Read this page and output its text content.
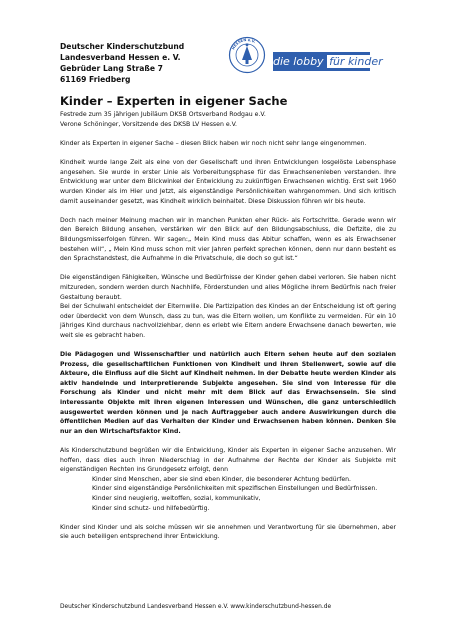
Deutscher Kinderschutzbund
Landesverband Hessen e. V.
Gebrüder Lang Straße 7
61169 Friedberg
HESSEN e.V.
die lobby für kinder
Kinder – Experten in eigener Sache
Festrede zum 35 jährigen Jubiläum DKSB Ortsverband Rodgau e.V.
Verone Schöninger, Vorsitzende des DKSB LV Hessen e.V.

Kinder als Experten in eigener Sache – diesen Blick haben wir noch nicht sehr lange eingenommen.

Kindheit wurde lange Zeit als eine von der Gesellschaft und ihren Entwicklungen losgelöste Lebensphase angesehen. Sie wurde in erster Linie als Vorbereitungsphase für das Erwachsenenleben verstanden. Ihre Entwicklung war unter dem Blickwinkel der Entwicklung zu zukünftigen Erwachsenen wichtig. Erst seit 1960 wurden Kinder als im Hier und Jetzt, als eigenständige Persönlichkeiten wahrgenommen. Und sich kritisch damit auseinander gesetzt, was Kindheit wirklich beinhaltet. Diese Diskussion führen wir bis heute.

Doch nach meiner Meinung machen wir in manchen Punkten eher Rück- als Fortschritte. Gerade wenn wir den Bereich Bildung ansehen, verstärken wir den Blick auf den Bildungsabschluss, die Defizite, die zu Bildungsmisserfolgen führen. Wir sagen:„ Mein Kind muss das Abitur schaffen, wenn es als Erwachsener bestehen will“, „ Mein Kind muss schon mit vier Jahren perfekt sprechen können, denn nur dann besteht es den Sprachstandstest, die Aufnahme in die Privatschule, die doch so gut ist.“

Die eigenständigen Fähigkeiten, Wünsche und Bedürfnisse der Kinder gehen dabei verloren. Sie haben nicht mitzureden, sondern werden durch Nachhilfe, Förderstunden und alles Mögliche ihrem Bedürfnis nach freier Gestaltung beraubt.

Bei der Schulwahl entscheidet der Elternwille. Die Partizipation des Kindes an der Entscheidung ist oft gering oder überdeckt von dem Wunsch, dass zu tun, was die Eltern wollen, um Konflikte zu vermeiden. Für ein 10 jähriges Kind durchaus nachvollziehbar, denn es erlebt wie Eltern andere Erwachsene danach bewerten, wie weit sie es gebracht haben.

Die Pädagogen und Wissenschaftler und natürlich auch Eltern sehen heute auf den sozialen Prozess, die gesellschaftlichen Funktionen von Kindheit und ihren Stellenwert, sowie auf die Akteure, die Einfluss auf die Sicht auf Kindheit nehmen. In der Debatte heute werden Kinder als aktiv handelnde und interpretierende Subjekte angesehen. Sie sind von Interesse für die Forschung als Kinder und nicht mehr mit dem Blick auf das Erwachsensein. Sie sind interessante Objekte mit ihren eigenen Interessen und Wünschen, die ganz unterschiedlich ausgewertet werden können und je nach Auftraggeber auch andere Auswirkungen durch die öffentlichen Medien auf das Verhalten der Kinder und Erwachsenen haben können. Denken Sie nur an den Wirtschaftsfaktor Kind.

Als Kinderschutzbund begrüßen wir die Entwicklung, Kinder als Experten in eigener Sache anzusehen. Wir hoffen, dass dies auch ihren Niederschlag in der Aufnahme der Rechte der Kinder als Subjekte mit eigenständigen Rechten ins Grundgesetz erfolgt, denn

Kinder sind Menschen, aber sie sind eben Kinder, die besonderer Achtung bedürfen.
Kinder sind eigenständige Persönlichkeiten mit spezifischen Einstellungen und Bedürfnissen.
Kinder sind neugierig, weltoffen, sozial, kommunikativ,
Kinder sind schutz- und hilfebedürftig.

Kinder sind Kinder und als solche müssen wir sie annehmen und Verantwortung für sie übernehmen, aber sie auch beteiligen entsprechend ihrer Entwicklung.

Deutscher Kinderschutzbund Landesverband Hessen e.V. www.kinderschutzbund-hessen.de
